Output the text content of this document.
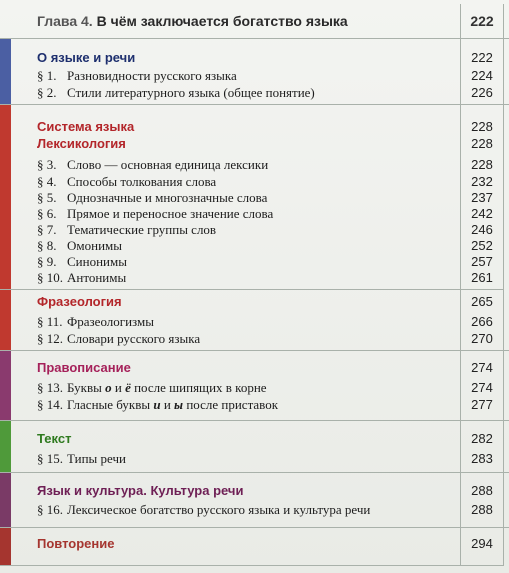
Глава 4. В чём заключается богатство языка	222
О языке и речи	222
§ 1. Разновидности русского языка	224
§ 2. Стили литературного языка (общее понятие)	226
Система языка	228
Лексикология	228
§ 3. Слово — основная единица лексики	228
§ 4. Способы толкования слова	232
§ 5. Однозначные и многозначные слова	237
§ 6. Прямое и переносное значение слова	242
§ 7. Тематические группы слов	246
§ 8. Омонимы	252
§ 9. Синонимы	257
§ 10. Антонимы	261
Фразеология	265
§ 11. Фразеологизмы	266
§ 12. Словари русского языка	270
Правописание	274
§ 13. Буквы о и ё после шипящих в корне	274
§ 14. Гласные буквы и и ы после приставок	277
Текст	282
§ 15. Типы речи	283
Язык и культура. Культура речи	288
§ 16. Лексическое богатство русского языка и культура речи	288
Повторение	294
